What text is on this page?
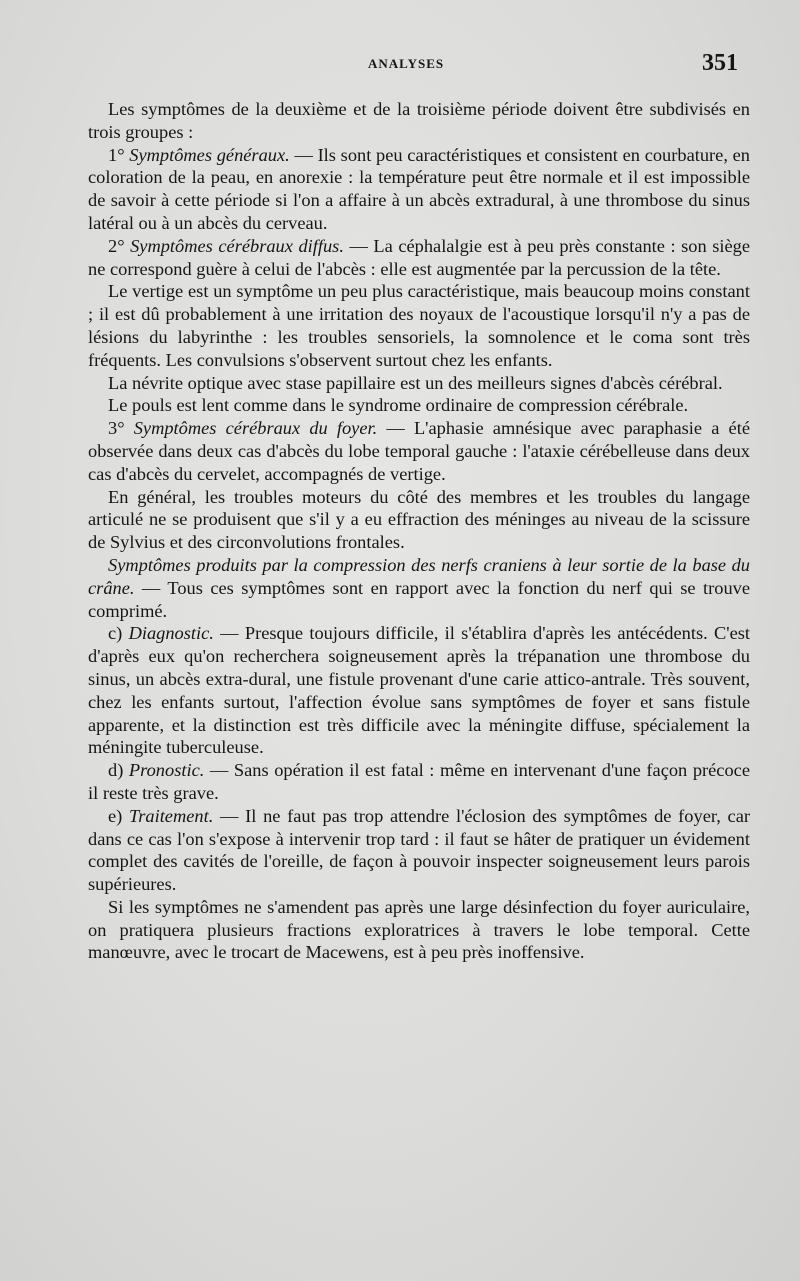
ANALYSES	351

Les symptômes de la deuxième et de la troisième période doivent être subdivisés en trois groupes :

1° Symptômes généraux. — Ils sont peu caractéristiques et consistent en courbature, en coloration de la peau, en anorexie : la température peut être normale et il est impossible de savoir à cette période si l'on a affaire à un abcès extradural, à une thrombose du sinus latéral ou à un abcès du cerveau.

2° Symptômes cérébraux diffus. — La céphalalgie est à peu près constante : son siège ne correspond guère à celui de l'abcès : elle est augmentée par la percussion de la tête.

Le vertige est un symptôme un peu plus caractéristique, mais beaucoup moins constant ; il est dû probablement à une irritation des noyaux de l'acoustique lorsqu'il n'y a pas de lésions du labyrinthe : les troubles sensoriels, la somnolence et le coma sont très fréquents. Les convulsions s'observent surtout chez les enfants.

La névrite optique avec stase papillaire est un des meilleurs signes d'abcès cérébral.

Le pouls est lent comme dans le syndrome ordinaire de compression cérébrale.

3° Symptômes cérébraux du foyer. — L'aphasie amnésique avec paraphasie a été observée dans deux cas d'abcès du lobe temporal gauche : l'ataxie cérébelleuse dans deux cas d'abcès du cervelet, accompagnés de vertige.

En général, les troubles moteurs du côté des membres et les troubles du langage articulé ne se produisent que s'il y a eu effraction des méninges au niveau de la scissure de Sylvius et des circonvolutions frontales.

Symptômes produits par la compression des nerfs craniens à leur sortie de la base du crâne. — Tous ces symptômes sont en rapport avec la fonction du nerf qui se trouve comprimé.

c) Diagnostic. — Presque toujours difficile, il s'établira d'après les antécédents. C'est d'après eux qu'on recherchera soigneusement après la trépanation une thrombose du sinus, un abcès extra-dural, une fistule provenant d'une carie attico-antrale. Très souvent, chez les enfants surtout, l'affection évolue sans symptômes de foyer et sans fistule apparente, et la distinction est très difficile avec la méningite diffuse, spécialement la méningite tuberculeuse.

d) Pronostic. — Sans opération il est fatal : même en intervenant d'une façon précoce il reste très grave.

e) Traitement. — Il ne faut pas trop attendre l'éclosion des symptômes de foyer, car dans ce cas l'on s'expose à intervenir trop tard : il faut se hâter de pratiquer un évidement complet des cavités de l'oreille, de façon à pouvoir inspecter soigneusement leurs parois supérieures.

Si les symptômes ne s'amendent pas après une large désinfection du foyer auriculaire, on pratiquera plusieurs fractions exploratrices à travers le lobe temporal. Cette manœuvre, avec le trocart de Macewens, est à peu près inoffensive.
